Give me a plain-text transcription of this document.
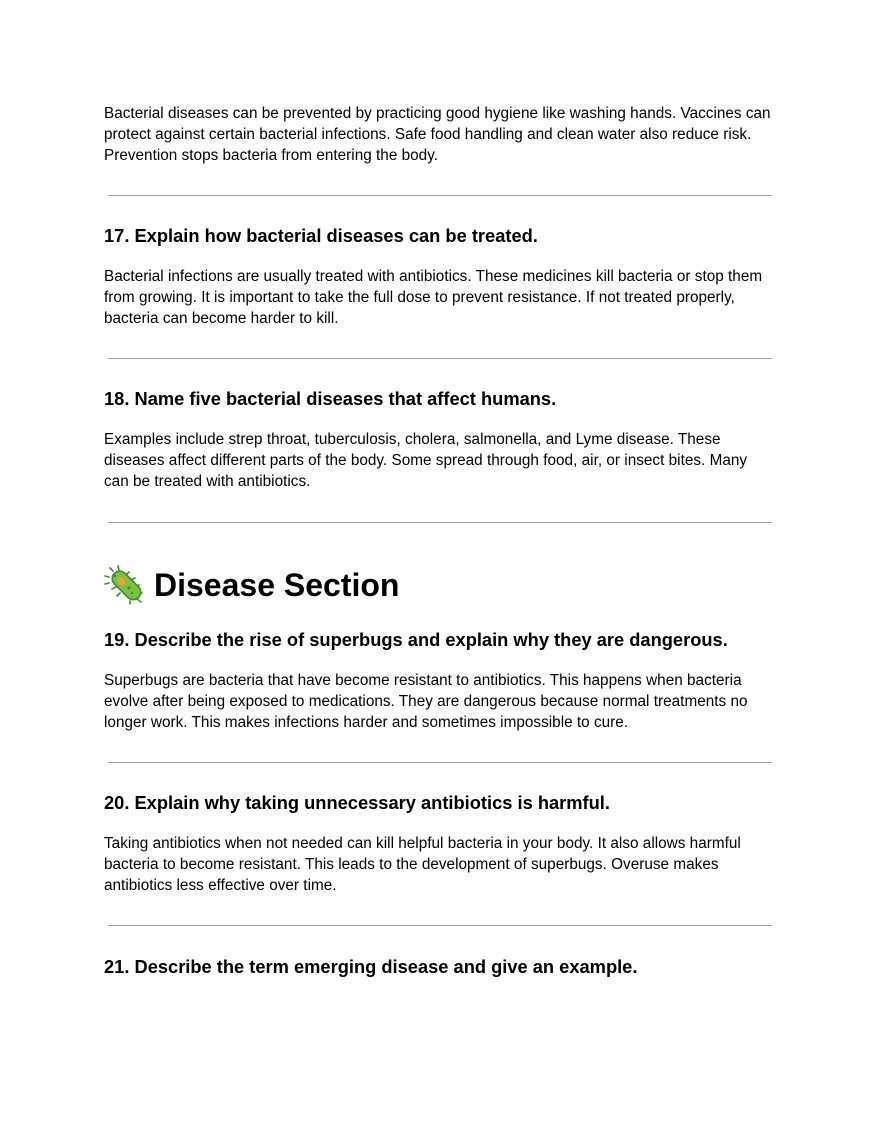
Bacterial diseases can be prevented by practicing good hygiene like washing hands. Vaccines can protect against certain bacterial infections. Safe food handling and clean water also reduce risk. Prevention stops bacteria from entering the body.

17. Explain how bacterial diseases can be treated.

Bacterial infections are usually treated with antibiotics. These medicines kill bacteria or stop them from growing. It is important to take the full dose to prevent resistance. If not treated properly, bacteria can become harder to kill.

18. Name five bacterial diseases that affect humans.

Examples include strep throat, tuberculosis, cholera, salmonella, and Lyme disease. These diseases affect different parts of the body. Some spread through food, air, or insect bites. Many can be treated with antibiotics.

Disease Section
19. Describe the rise of superbugs and explain why they are dangerous.

Superbugs are bacteria that have become resistant to antibiotics. This happens when bacteria evolve after being exposed to medications. They are dangerous because normal treatments no longer work. This makes infections harder and sometimes impossible to cure.

20. Explain why taking unnecessary antibiotics is harmful.

Taking antibiotics when not needed can kill helpful bacteria in your body. It also allows harmful bacteria to become resistant. This leads to the development of superbugs. Overuse makes antibiotics less effective over time.

21. Describe the term emerging disease and give an example.
